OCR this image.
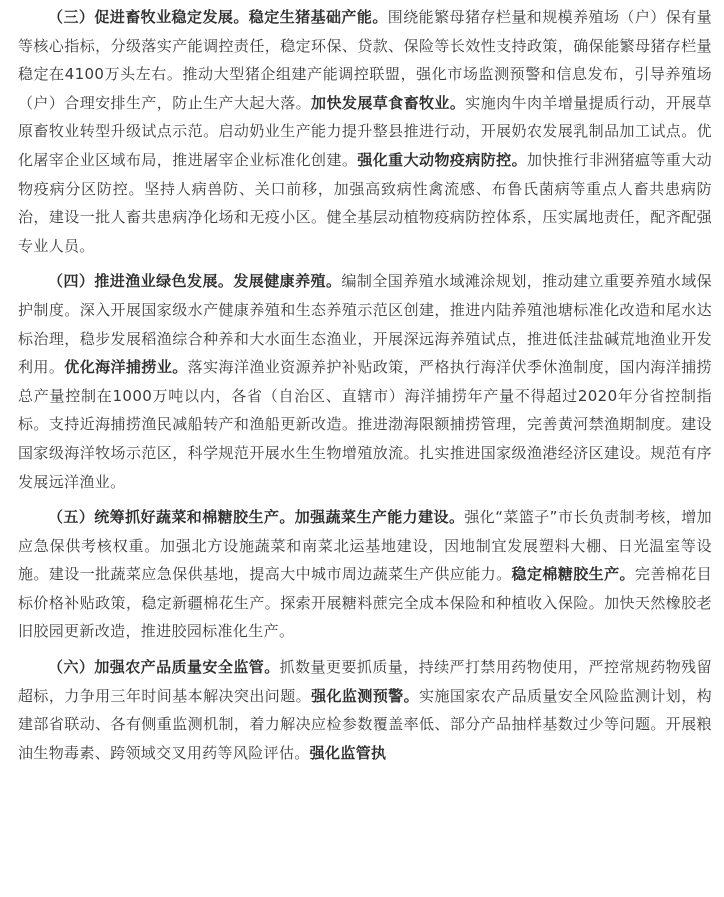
（三）促进畜牧业稳定发展。稳定生猪基础产能。围绕能繁母猪存栏量和规模养殖场（户）保有量等核心指标，分级落实产能调控责任，稳定环保、贷款、保险等长效性支持政策，确保能繁母猪存栏量稳定在4100万头左右。推动大型猪企组建产能调控联盟，强化市场监测预警和信息发布，引导养殖场（户）合理安排生产，防止生产大起大落。加快发展草食畜牧业。实施肉牛肉羊增量提质行动，开展草原畜牧业转型升级试点示范。启动奶业生产能力提升整县推进行动，开展奶农发展乳制品加工试点。优化屠宰企业区域布局，推进屠宰企业标准化创建。强化重大动物疫病防控。加快推行非洲猪瘟等重大动物疫病分区防控。坚持人病兽防、关口前移，加强高致病性禽流感、布鲁氏菌病等重点人畜共患病防治，建设一批人畜共患病净化场和无疫小区。健全基层动植物疫病防控体系，压实属地责任，配齐配强专业人员。

（四）推进渔业绿色发展。发展健康养殖。编制全国养殖水域滩涂规划，推动建立重要养殖水域保护制度。深入开展国家级水产健康养殖和生态养殖示范区创建，推进内陆养殖池塘标准化改造和尾水达标治理，稳步发展稻渔综合种养和大水面生态渔业，开展深远海养殖试点，推进低洼盐碱荒地渔业开发利用。优化海洋捕捞业。落实海洋渔业资源养护补贴政策，严格执行海洋伏季休渔制度，国内海洋捕捞总产量控制在1000万吨以内，各省（自治区、直辖市）海洋捕捞年产量不得超过2020年分省控制指标。支持近海捕捞渔民减船转产和渔船更新改造。推进渤海限额捕捞管理，完善黄河禁渔期制度。建设国家级海洋牧场示范区，科学规范开展水生生物增殖放流。扎实推进国家级渔港经济区建设。规范有序发展远洋渔业。

（五）统筹抓好蔬菜和棉糖胶生产。加强蔬菜生产能力建设。强化“菜篮子”市长负责制考核，增加应急保供考核权重。加强北方设施蔬菜和南菜北运基地建设，因地制宜发展塑料大棚、日光温室等设施。建设一批蔬菜应急保供基地，提高大中城市周边蔬菜生产供应能力。稳定棉糖胶生产。完善棉花目标价格补贴政策，稳定新疆棉花生产。探索开展糖料蔗完全成本保险和种植收入保险。加快天然橡胶老旧胶园更新改造，推进胶园标准化生产。

（六）加强农产品质量安全监管。抓数量更要抓质量，持续严打禁用药物使用，严控常规药物残留超标，力争用三年时间基本解决突出问题。强化监测预警。实施国家农产品质量安全风险监测计划，构建部省联动、各有侧重监测机制，着力解决应检参数覆盖率低、部分产品抽样基数过少等问题。开展粮油生物毒素、跨领域交叉用药等风险评估。强化监管执
